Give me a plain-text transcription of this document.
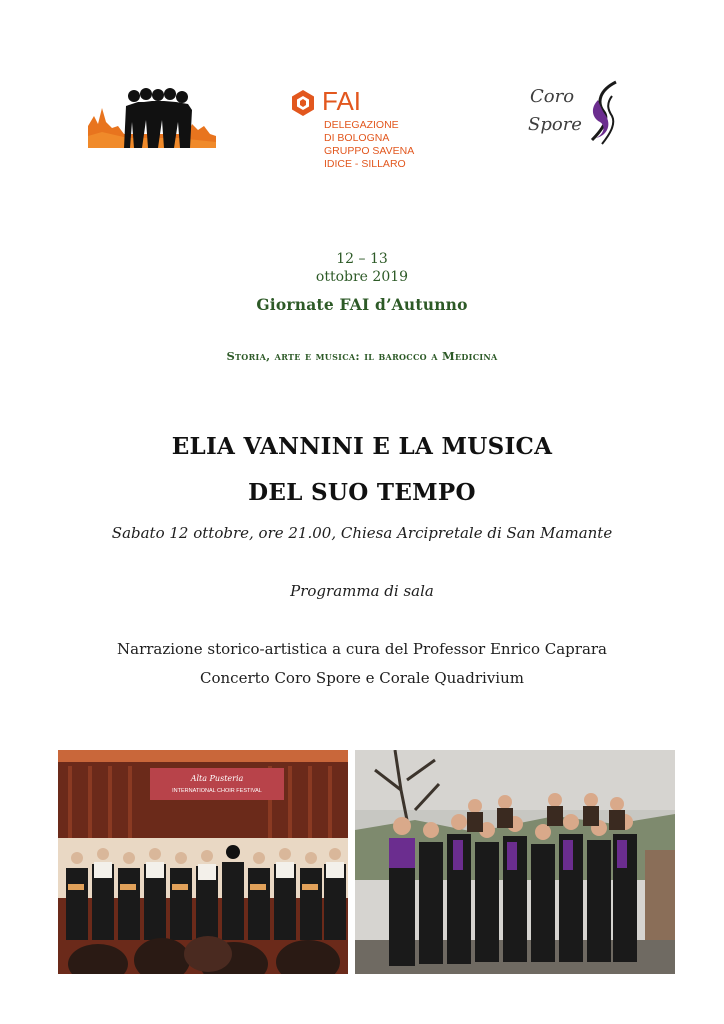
FAI
DELEGAZIONE
DI BOLOGNA
GRUPPO SAVENA
IDICE - SILLARO
Coro
Spore
12 – 13
ottobre 2019
Giornate FAI d’Autunno
Storia, arte e musica: il barocco a Medicina
ELIA VANNINI E LA MUSICA
DEL SUO TEMPO
Sabato 12 ottobre, ore 21.00, Chiesa Arcipretale di San Mamante
Programma di sala
Narrazione storico-artistica a cura del Professor Enrico Caprara
Concerto Coro Spore e Corale Quadrivium
Alta Pusteria
INTERNATIONAL CHOIR FESTIVAL
